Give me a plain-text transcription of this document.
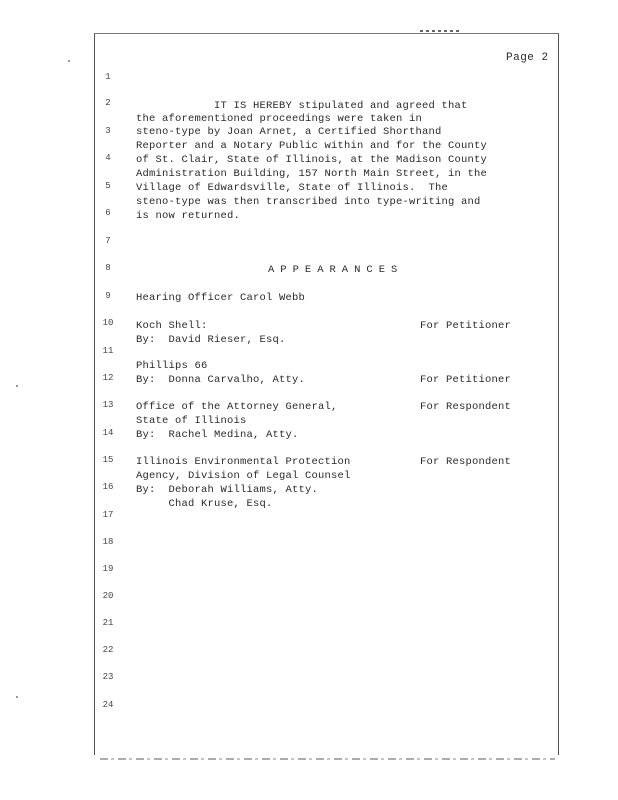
Page 2
1
2
3
4
5
6
7
8
9
10
11
12
13
14
15
16
17
18
19
20
21
22
23
24
IT IS HEREBY stipulated and agreed that
the aforementioned proceedings were taken in
steno-type by Joan Arnet, a Certified Shorthand
Reporter and a Notary Public within and for the County
of St. Clair, State of Illinois, at the Madison County
Administration Building, 157 North Main Street, in the
Village of Edwardsville, State of Illinois.  The
steno-type was then transcribed into type-writing and
is now returned.
APPEARANCES
Hearing Officer Carol Webb
Koch Shell:
By:  David Rieser, Esq.
For Petitioner
Phillips 66
By:  Donna Carvalho, Atty.	For Petitioner
Office of the Attorney General,
State of Illinois
By:  Rachel Medina, Atty.
For Respondent
Illinois Environmental Protection
Agency, Division of Legal Counsel
By:  Deborah Williams, Atty.
Chad Kruse, Esq.
For Respondent
